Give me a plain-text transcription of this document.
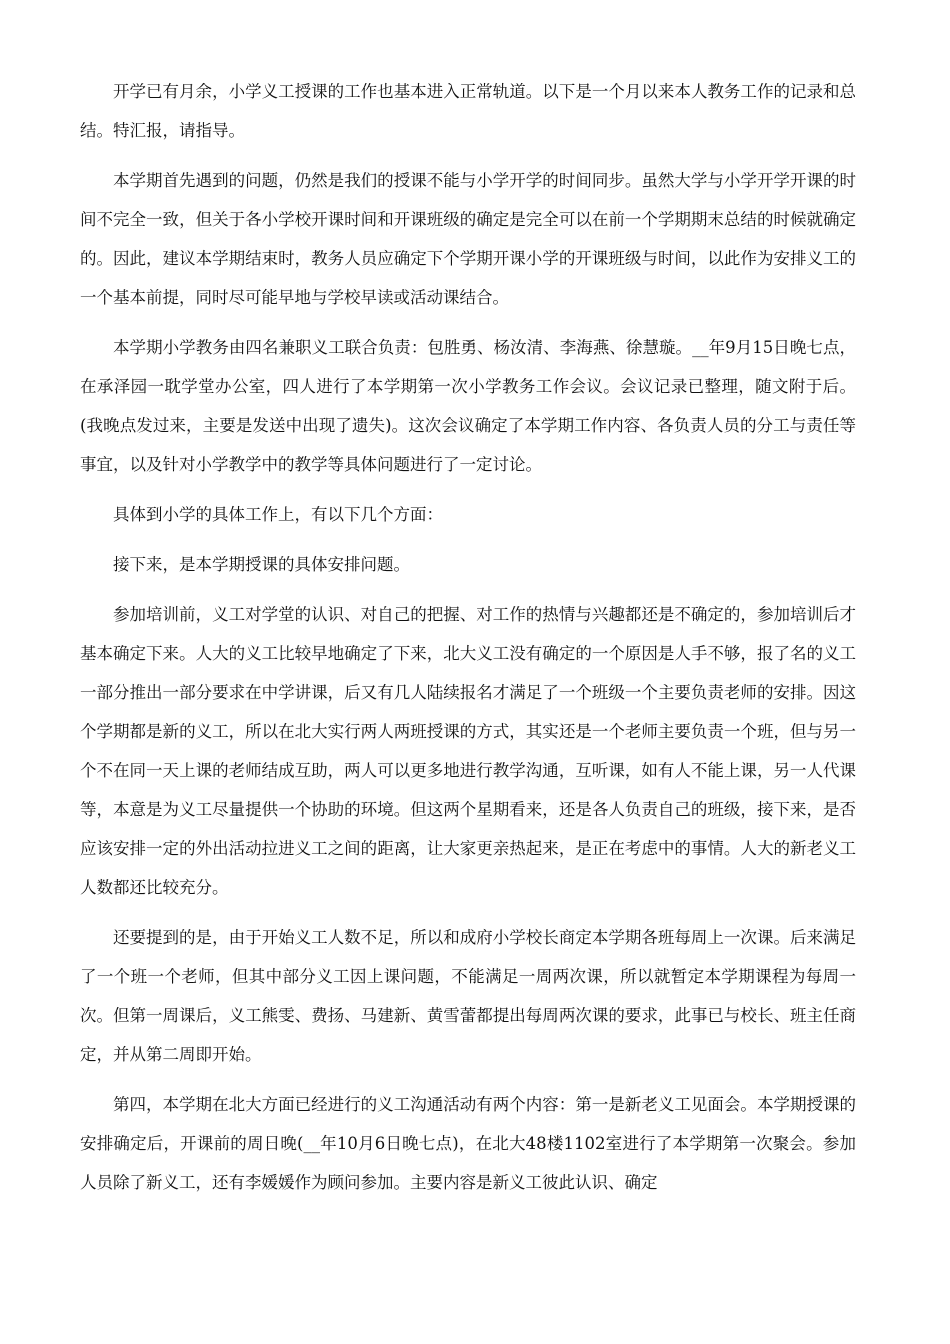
开学已有月余，小学义工授课的工作也基本进入正常轨道。以下是一个月以来本人教务工作的记录和总结。特汇报，请指导。

本学期首先遇到的问题，仍然是我们的授课不能与小学开学的时间同步。虽然大学与小学开学开课的时间不完全一致，但关于各小学校开课时间和开课班级的确定是完全可以在前一个学期期末总结的时候就确定的。因此，建议本学期结束时，教务人员应确定下个学期开课小学的开课班级与时间，以此作为安排义工的一个基本前提，同时尽可能早地与学校早读或活动课结合。

本学期小学教务由四名兼职义工联合负责：包胜勇、杨汝清、李海燕、徐慧璇。__年9月15日晚七点，在承泽园一耽学堂办公室，四人进行了本学期第一次小学教务工作会议。会议记录已整理，随文附于后。(我晚点发过来，主要是发送中出现了遗失)。这次会议确定了本学期工作内容、各负责人员的分工与责任等事宜，以及针对小学教学中的教学等具体问题进行了一定讨论。

具体到小学的具体工作上，有以下几个方面：

接下来，是本学期授课的具体安排问题。

参加培训前，义工对学堂的认识、对自己的把握、对工作的热情与兴趣都还是不确定的，参加培训后才基本确定下来。人大的义工比较早地确定了下来，北大义工没有确定的一个原因是人手不够，报了名的义工一部分推出一部分要求在中学讲课，后又有几人陆续报名才满足了一个班级一个主要负责老师的安排。因这个学期都是新的义工，所以在北大实行两人两班授课的方式，其实还是一个老师主要负责一个班，但与另一个不在同一天上课的老师结成互助，两人可以更多地进行教学沟通，互听课，如有人不能上课，另一人代课等，本意是为义工尽量提供一个协助的环境。但这两个星期看来，还是各人负责自己的班级，接下来，是否应该安排一定的外出活动拉进义工之间的距离，让大家更亲热起来，是正在考虑中的事情。人大的新老义工人数都还比较充分。

还要提到的是，由于开始义工人数不足，所以和成府小学校长商定本学期各班每周上一次课。后来满足了一个班一个老师，但其中部分义工因上课问题，不能满足一周两次课，所以就暂定本学期课程为每周一次。但第一周课后，义工熊雯、费扬、马建新、黄雪蕾都提出每周两次课的要求，此事已与校长、班主任商定，并从第二周即开始。

第四，本学期在北大方面已经进行的义工沟通活动有两个内容：第一是新老义工见面会。本学期授课的安排确定后，开课前的周日晚(__年10月6日晚七点)，在北大48楼1102室进行了本学期第一次聚会。参加人员除了新义工，还有李媛媛作为顾问参加。主要内容是新义工彼此认识、确定
